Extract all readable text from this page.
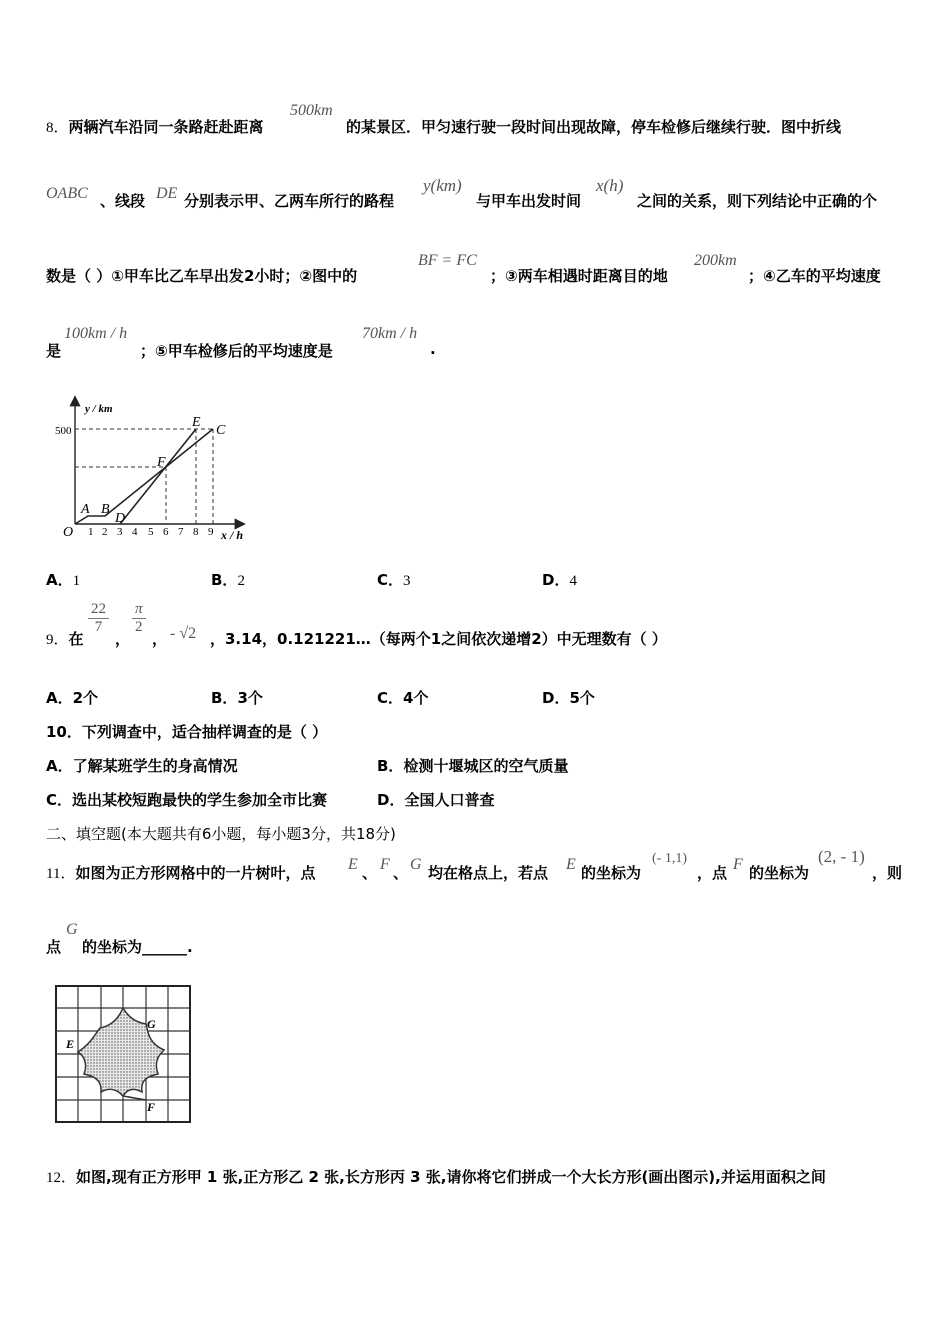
8．两辆汽车沿同一条路赶赴距离
500km
的某景区．甲匀速行驶一段时间出现故障，停车检修后继续行驶．图中折线
OABC 、线段 DE 分别表示甲、乙两车所行的路程
y(km)
与甲车出发时间
x(h)
之间的关系，则下列结论中正确的个
数是（ ）①甲车比乙车早出发2小时；②图中的
BF = FC
；③两车相遇时距离目的地
200km
；④乙车的平均速度
是
100km / h
；⑤甲车检修后的平均速度是
70km / h
.
y / km
x / h
500
O 1 2 3 4 5 6 7 8 9
A B
D
F
E
C
A．1	B．2	C．3	D．4
9．在
$\frac{22}{7}$
，
$\frac{\pi}{2}$
， - √2 ，3.14，0.121221…（每两个1之间依次递增2）中无理数有（ ）
A．2个	B．3个	C．4个	D．5个
10．下列调查中，适合抽样调查的是（ ）
A．了解某班学生的身高情况	B．检测十堰城区的空气质量
C．选出某校短跑最快的学生参加全市比赛	D．全国人口普查
二、填空题(本大题共有6小题，每小题3分，共18分)
11．如图为正方形网格中的一片树叶，点 E 、 F 、 G 均在格点上，若点 E 的坐标为
(- 1,1)
，点 F 的坐标为
(2, - 1)
，则
点
G
的坐标为______.
G
E
F
12．如图,现有正方形甲 1 张,正方形乙 2 张,长方形丙 3 张,请你将它们拼成一个大长方形(画出图示),并运用面积之间
